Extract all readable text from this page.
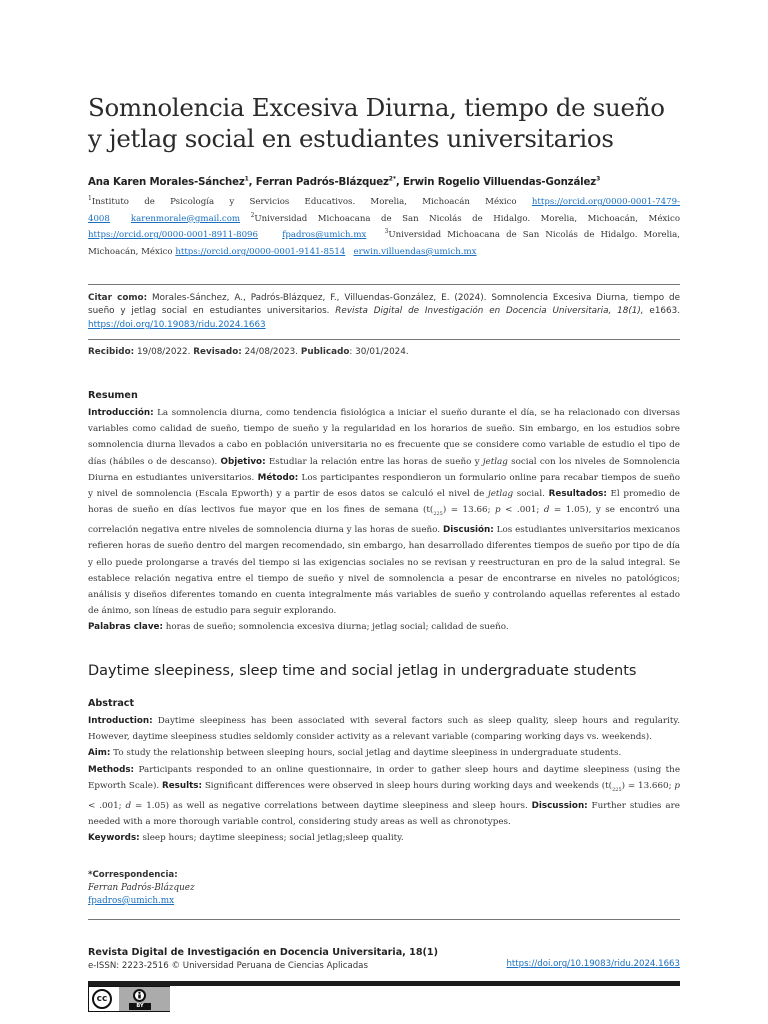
Somnolencia Excesiva Diurna, tiempo de sueño y jetlag social en estudiantes universitarios
Ana Karen Morales-Sánchez$^1$, Ferran Padrós-Blázquez$^{2*}$, Erwin Rogelio Villuendas-González$^3$
$^1$Instituto de Psicología y Servicios Educativos. Morelia, Michoacán México https://orcid.org/0000-0001-7479-4008 karenmorale@gmail.com $^2$Universidad Michoacana de San Nicolás de Hidalgo. Morelia, Michoacán, México https://orcid.org/0000-0001-8911-8096	fpadros@umich.mx	$^3$Universidad Michoacana de San Nicolás de Hidalgo. Morelia, Michoacán, México https://orcid.org/0000-0001-9141-8514 erwin.villuendas@umich.mx
Citar como: Morales-Sánchez, A., Padrós-Blázquez, F., Villuendas-González, E. (2024). Somnolencia Excesiva Diurna, tiempo de sueño y jetlag social en estudiantes universitarios. Revista Digital de Investigación en Docencia Universitaria, 18(1), e1663. https://doi.org/10.19083/ridu.2024.1663
Recibido: 19/08/2022. Revisado: 24/08/2023. Publicado: 30/01/2024.
Resumen
Introducción: La somnolencia diurna, como tendencia fisiológica a iniciar el sueño durante el día, se ha relacionado con diversas variables como calidad de sueño, tiempo de sueño y la regularidad en los horarios de sueño. Sin embargo, en los estudios sobre somnolencia diurna llevados a cabo en población universitaria no es frecuente que se considere como variable de estudio el tipo de días (hábiles o de descanso). Objetivo: Estudiar la relación entre las horas de sueño y jetlag social con los niveles de Somnolencia Diurna en estudiantes universitarios. Método: Los participantes respondieron un formulario online para recabar tiempos de sueño y nivel de somnolencia (Escala Epworth) y a partir de esos datos se calculó el nivel de jetlag social. Resultados: El promedio de horas de sueño en días lectivos fue mayor que en los fines de semana ($t(_{225}) = 13.66$; p < .001; d = 1.05), y se encontró una correlación negativa entre niveles de somnolencia diurna y las horas de sueño. Discusión: Los estudiantes universitarios mexicanos refieren horas de sueño dentro del margen recomendado, sin embargo, han desarrollado diferentes tiempos de sueño por tipo de día y ello puede prolongarse a través del tiempo si las exigencias sociales no se revisan y reestructuran en pro de la salud integral. Se establece relación negativa entre el tiempo de sueño y nivel de somnolencia a pesar de encontrarse en niveles no patológicos; análisis y diseños diferentes tomando en cuenta integralmente más variables de sueño y controlando aquellas referentes al estado de ánimo, son líneas de estudio para seguir explorando.
Palabras clave: horas de sueño; somnolencia excesiva diurna; jetlag social; calidad de sueño.
Daytime sleepiness, sleep time and social jetlag in undergraduate students
Abstract
Introduction: Daytime sleepiness has been associated with several factors such as sleep quality, sleep hours and regularity. However, daytime sleepiness studies seldomly consider activity as a relevant variable (comparing working days vs. weekends).
Aim: To study the relationship between sleeping hours, social jetlag and daytime sleepiness in undergraduate students.
Methods: Participants responded to an online questionnaire, in order to gather sleep hours and daytime sleepiness (using the Epworth Scale). Results: Significant differences were observed in sleep hours during working days and weekends ($t(_{225}) = 13.660$; p < .001; d = 1.05) as well as negative correlations between daytime sleepiness and sleep hours. Discussion: Further studies are needed with a more thorough variable control, considering study areas as well as chronotypes.
Keywords: sleep hours; daytime sleepiness; social jetlag;sleep quality.
*Correspondencia:
Ferran Padrós-Blázquez
fpadros@umich.mx
Revista Digital de Investigación en Docencia Universitaria, 18(1)
e-ISSN: 2223-2516 © Universidad Peruana de Ciencias Aplicadas	https://doi.org/10.19083/ridu.2024.1663
cc
BY
